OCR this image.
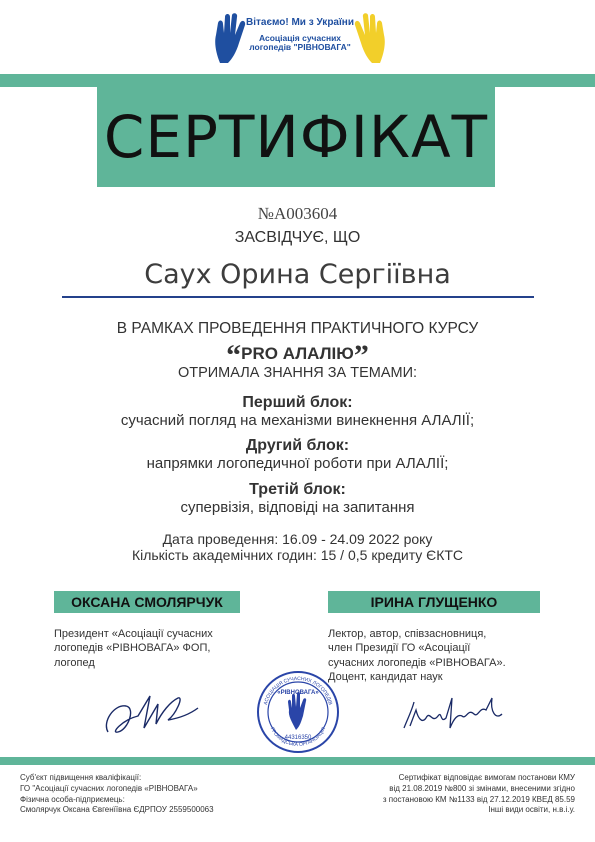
Вітаємо! Ми з України
Асоціація сучасних
логопедів "РІВНОВАГА"
СЕРТИФІКАТ
№А003604
ЗАСВІДЧУЄ, ЩО
Саух Орина Сергіївна
В РАМКАХ ПРОВЕДЕННЯ ПРАКТИЧНОГО КУРСУ
“PRO АЛАЛІЮ”
ОТРИМАЛА ЗНАННЯ ЗА ТЕМАМИ:
Перший блок:
сучасний погляд на механізми винекнення АЛАЛІЇ;
Другий блок:
напрямки логопедичної роботи при АЛАЛІЇ;
Третій блок:
супервізія, відповіді на запитання
Дата проведення: 16.09 - 24.09 2022 року
Кількість академічних годин: 15 / 0,5 кредиту ЄКТС
ОКСАНА СМОЛЯРЧУК
Президент «Асоціації сучасних
логопедів «РІВНОВАГА» ФОП,
логопед
ІРИНА ГЛУЩЕНКО
Лектор, автор, співзасновниця,
член Президії ГО «Асоціації
сучасних логопедів «РІВНОВАГА».
Доцент, кандидат наук
«РІВНОВАГА»
44316350
АСОЦІАЦІЯ СУЧАСНИХ ЛОГОПЕДІВ
ГРОМАДСЬКА ОРГАНІЗАЦІЯ
Суб'єкт підвищення кваліфікації:
ГО "Асоціації сучасних логопедів «РІВНОВАГА»
Фізична особа-підприємець:
Смолярчук Оксана Євгенїївна ЄДРПОУ 2559500063
Сертифікат відповідає вимогам постанови КМУ
від 21.08.2019 №800 зі змінами, внесеними згідно
з постановою КМ №1133 від 27.12.2019 КВЕД 85.59
Інші види освіти, н.в.і.у.
